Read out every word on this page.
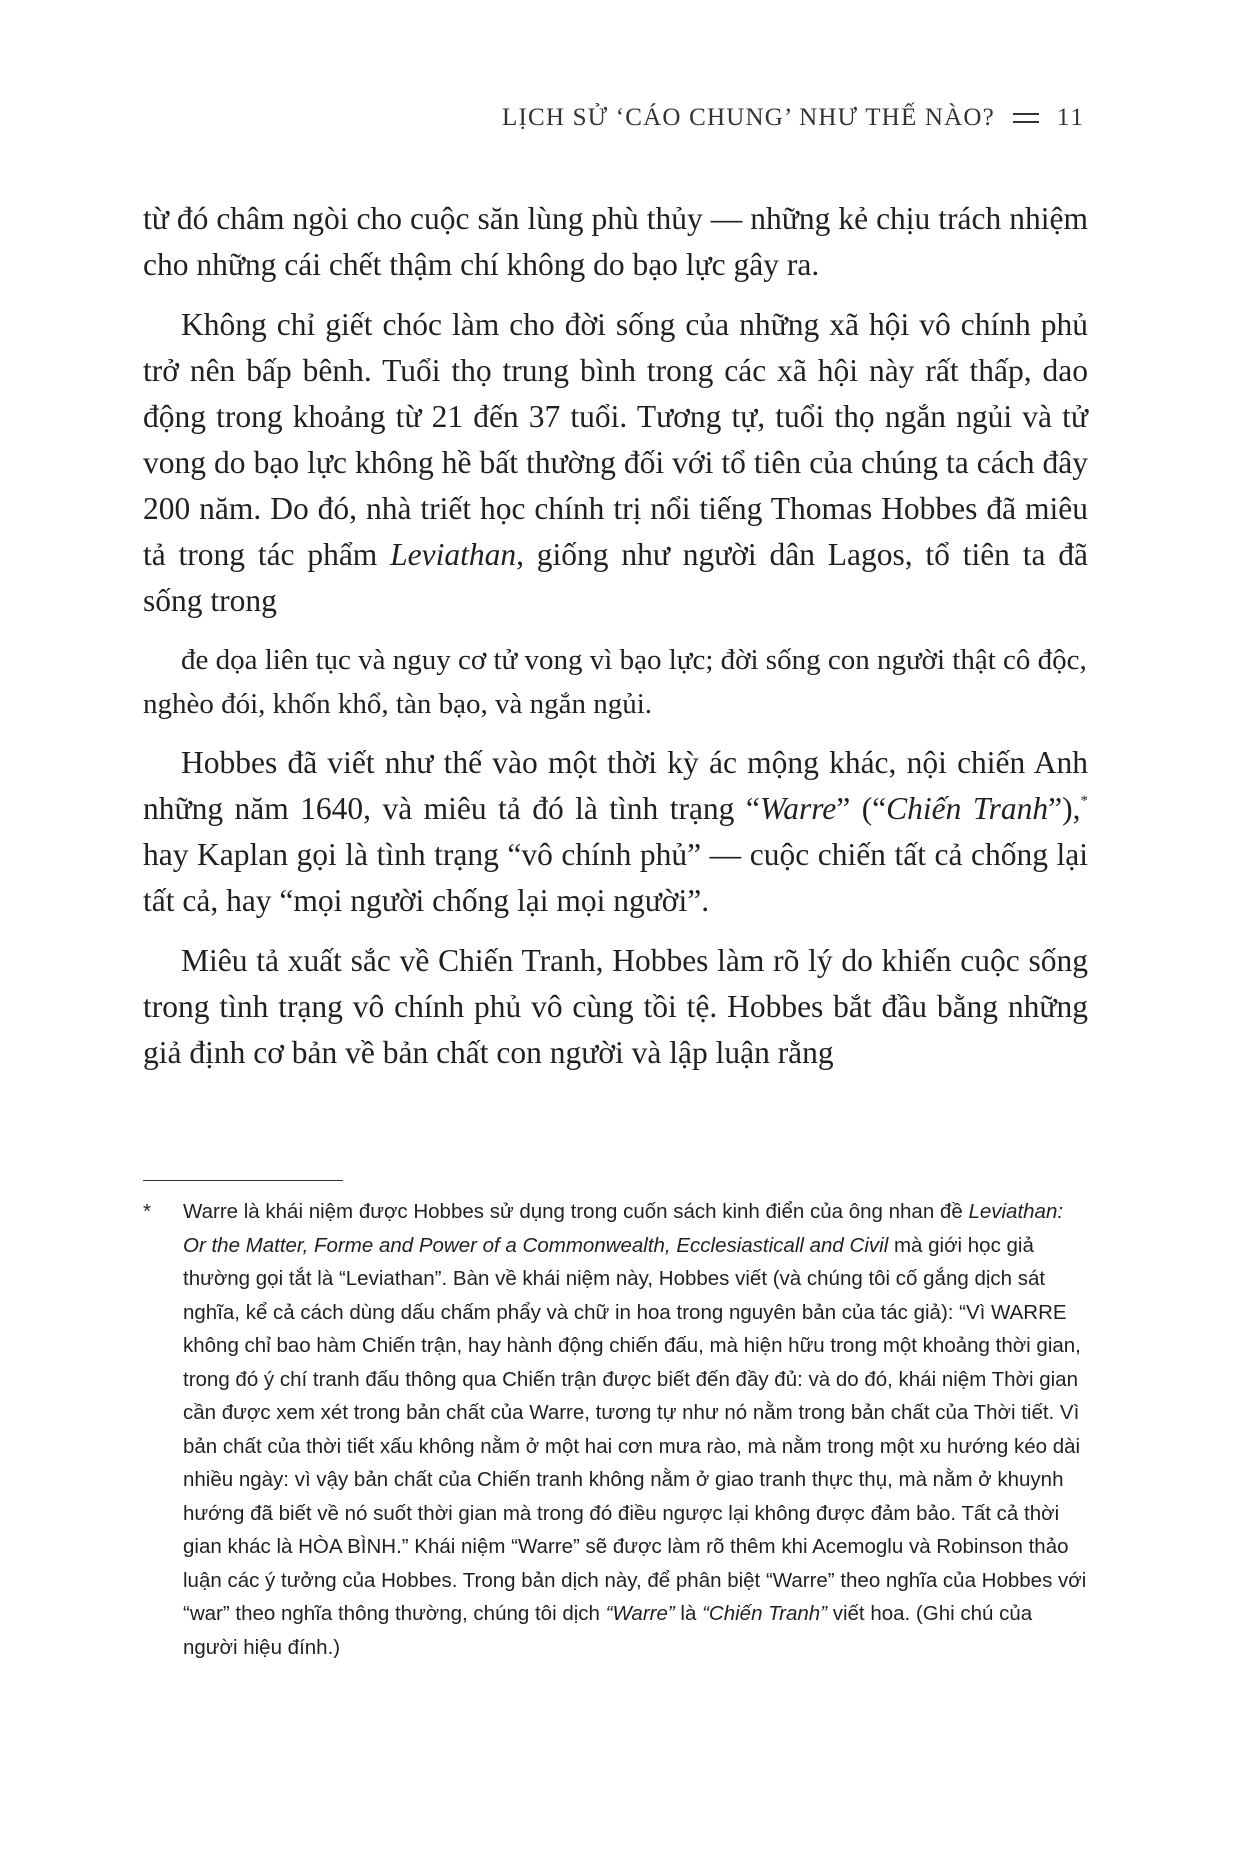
LỊCH SỬ ‘CÁO CHUNG’ NHƯ THẾ NÀO? 11

từ đó châm ngòi cho cuộc săn lùng phù thủy — những kẻ chịu trách nhiệm cho những cái chết thậm chí không do bạo lực gây ra.

Không chỉ giết chóc làm cho đời sống của những xã hội vô chính phủ trở nên bấp bênh. Tuổi thọ trung bình trong các xã hội này rất thấp, dao động trong khoảng từ 21 đến 37 tuổi. Tương tự, tuổi thọ ngắn ngủi và tử vong do bạo lực không hề bất thường đối với tổ tiên của chúng ta cách đây 200 năm. Do đó, nhà triết học chính trị nổi tiếng Thomas Hobbes đã miêu tả trong tác phẩm Leviathan, giống như người dân Lagos, tổ tiên ta đã sống trong

đe dọa liên tục và nguy cơ tử vong vì bạo lực; đời sống con người thật cô độc, nghèo đói, khốn khổ, tàn bạo, và ngắn ngủi.

Hobbes đã viết như thế vào một thời kỳ ác mộng khác, nội chiến Anh những năm 1640, và miêu tả đó là tình trạng “Warre” (“Chiến Tranh”),* hay Kaplan gọi là tình trạng “vô chính phủ” — cuộc chiến tất cả chống lại tất cả, hay “mọi người chống lại mọi người”.

Miêu tả xuất sắc về Chiến Tranh, Hobbes làm rõ lý do khiến cuộc sống trong tình trạng vô chính phủ vô cùng tồi tệ. Hobbes bắt đầu bằng những giả định cơ bản về bản chất con người và lập luận rằng

*	Warre là khái niệm được Hobbes sử dụng trong cuốn sách kinh điển của ông nhan đề Leviathan: Or the Matter, Forme and Power of a Commonwealth, Ecclesiasticall and Civil mà giới học giả thường gọi tắt là “Leviathan”. Bàn về khái niệm này, Hobbes viết (và chúng tôi cố gắng dịch sát nghĩa, kể cả cách dùng dấu chấm phẩy và chữ in hoa trong nguyên bản của tác giả): “Vì WARRE không chỉ bao hàm Chiến trận, hay hành động chiến đấu, mà hiện hữu trong một khoảng thời gian, trong đó ý chí tranh đấu thông qua Chiến trận được biết đến đầy đủ: và do đó, khái niệm Thời gian cần được xem xét trong bản chất của Warre, tương tự như nó nằm trong bản chất của Thời tiết. Vì bản chất của thời tiết xấu không nằm ở một hai cơn mưa rào, mà nằm trong một xu hướng kéo dài nhiều ngày: vì vậy bản chất của Chiến tranh không nằm ở giao tranh thực thụ, mà nằm ở khuynh hướng đã biết về nó suốt thời gian mà trong đó điều ngược lại không được đảm bảo. Tất cả thời gian khác là HÒA BÌNH.” Khái niệm “Warre” sẽ được làm rõ thêm khi Acemoglu và Robinson thảo luận các ý tưởng của Hobbes. Trong bản dịch này, để phân biệt “Warre” theo nghĩa của Hobbes với “war” theo nghĩa thông thường, chúng tôi dịch “Warre” là “Chiến Tranh” viết hoa. (Ghi chú của người hiệu đính.)
